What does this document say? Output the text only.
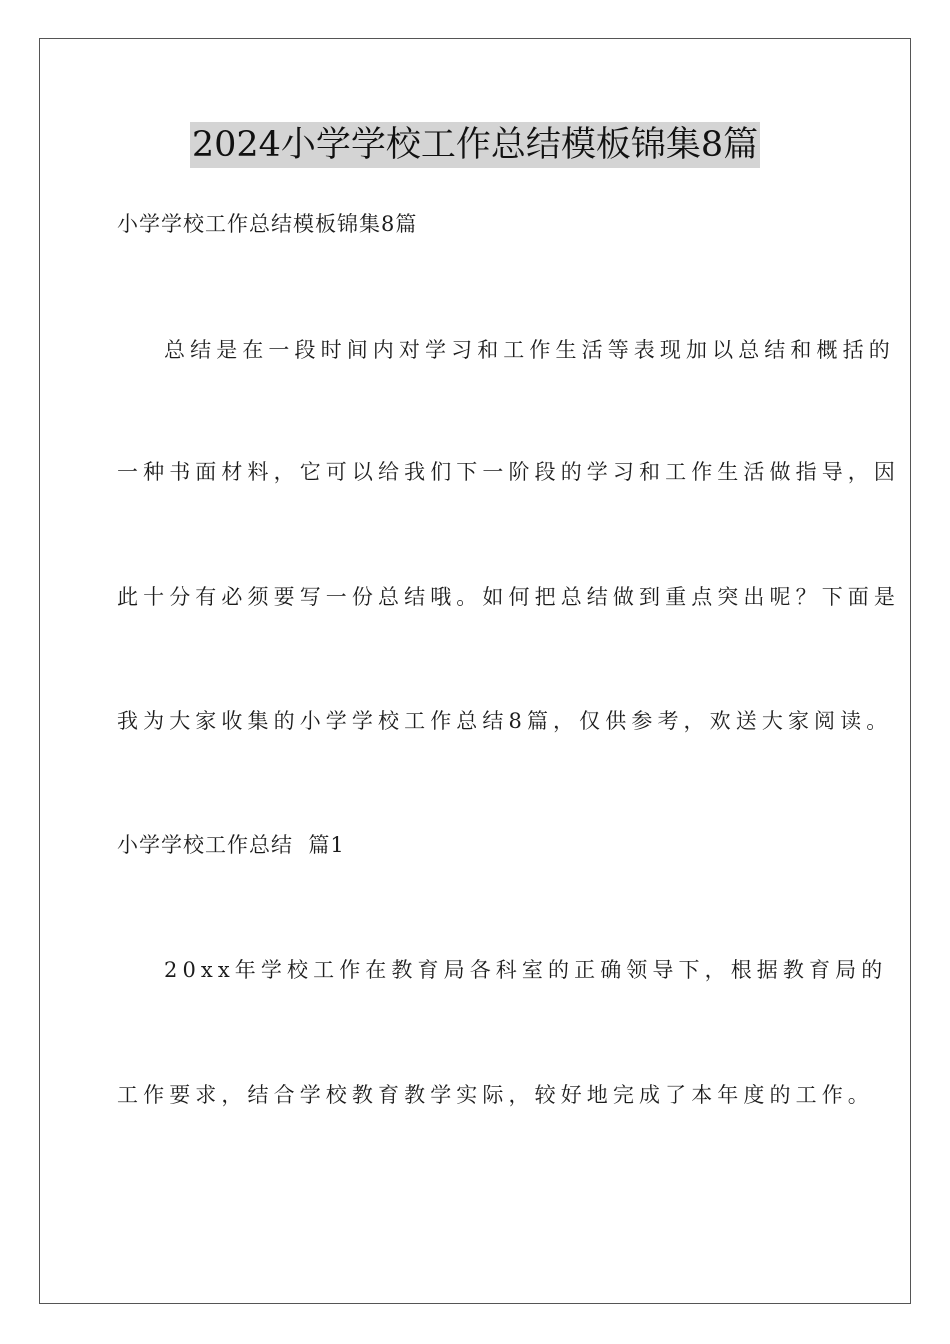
2024小学学校工作总结模板锦集8篇
小学学校工作总结模板锦集8篇
总结是在一段时间内对学习和工作生活等表现加以总结和概括的
一种书面材料，它可以给我们下一阶段的学习和工作生活做指导，因
此十分有必须要写一份总结哦。如何把总结做到重点突出呢？下面是
我为大家收集的小学学校工作总结8篇，仅供参考，欢送大家阅读。
小学学校工作总结  篇1
20xx年学校工作在教育局各科室的正确领导下，根据教育局的
工作要求，结合学校教育教学实际，较好地完成了本年度的工作。
